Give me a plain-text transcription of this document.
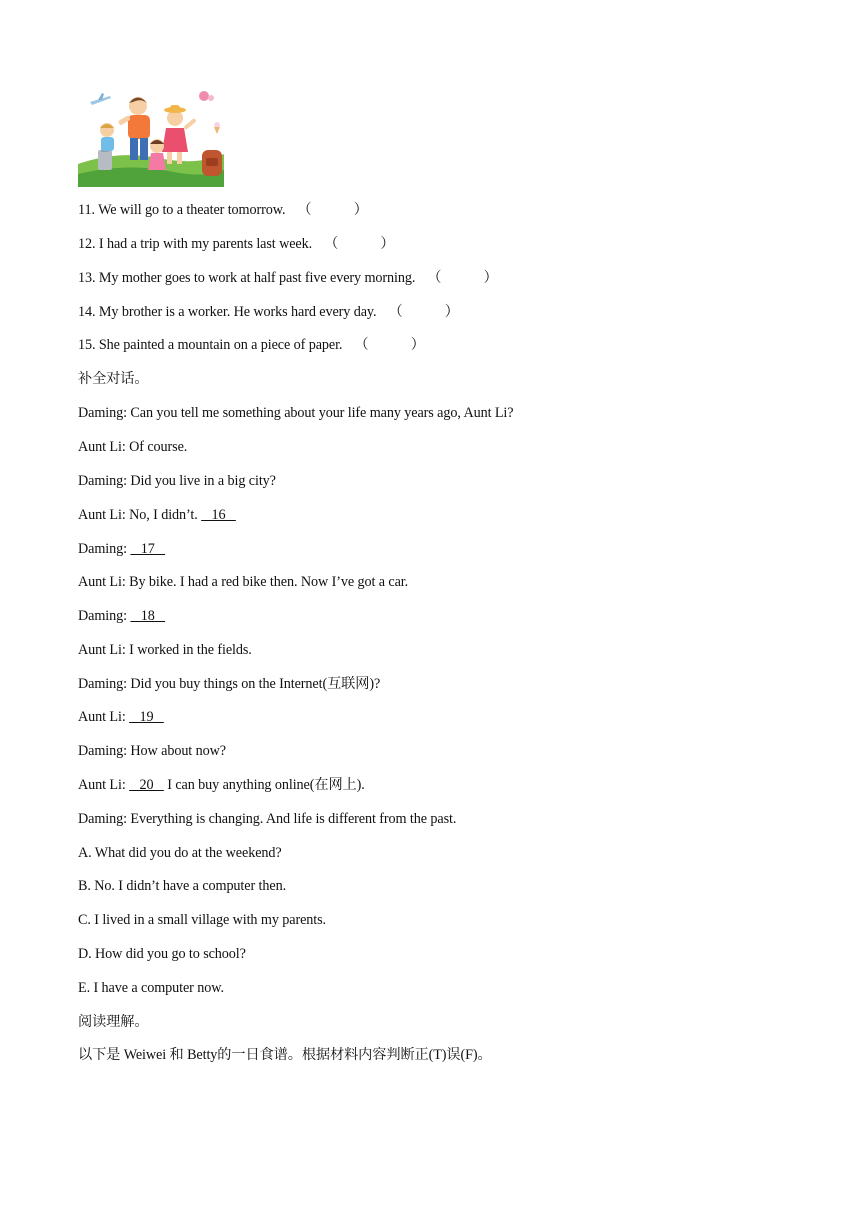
11. We will go to a theater tomorrow. （　　　）
12. I had a trip with my parents last week. （　　　）
13. My mother goes to work at half past five every morning. （　　　）
14. My brother is a worker. He works hard every day. （　　　）
15. She painted a mountain on a piece of paper. （　　　）
补全对话。
Daming: Can you tell me something about your life many years ago, Aunt Li?
Aunt Li: Of course.
Daming: Did you live in a big city?
Aunt Li: No, I didn’t.    16
Daming:    17
Aunt Li: By bike. I had a red bike then. Now I’ve got a car.
Daming:    18
Aunt Li: I worked in the fields.
Daming: Did you buy things on the Internet(互联网)?
Aunt Li:    19
Daming: How about now?
Aunt Li:    20    I can buy anything online(在网上).
Daming: Everything is changing. And life is different from the past.
A. What did you do at the weekend?
B. No. I didn’t have a computer then.
C. I lived in a small village with my parents.
D. How did you go to school?
E. I have a computer now.
阅读理解。
以下是 Weiwei 和 Betty的一日食谱。根据材料内容判断正(T)误(F)。
